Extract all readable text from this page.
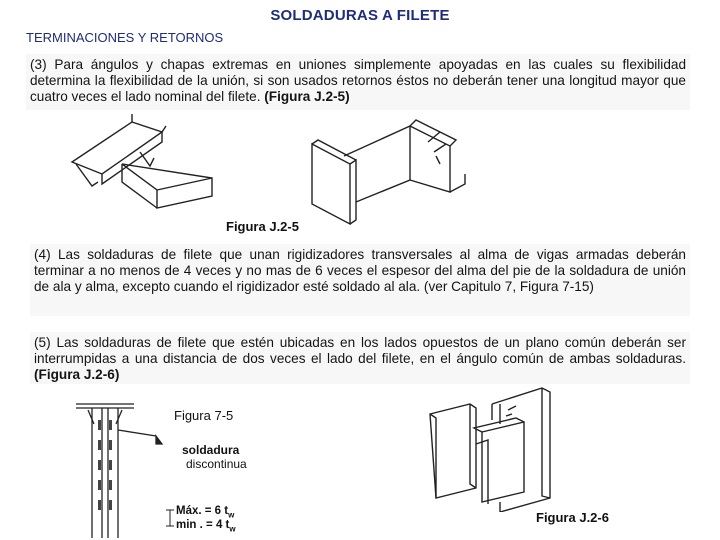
SOLDADURAS A FILETE
TERMINACIONES Y RETORNOS

(3) Para ángulos y chapas extremas en uniones simplemente apoyadas en las cuales su flexibilidad determina la flexibilidad de la unión, si son usados retornos éstos no deberán tener una longitud mayor que cuatro veces el lado nominal del filete. (Figura J.2-5)

Figura J.2-5

(4) Las soldaduras de filete que unan rigidizadores transversales al alma de vigas armadas deberán terminar a no menos de 4 veces y no mas de 6 veces el espesor del alma del pie de la soldadura de unión de ala y alma, excepto cuando el rigidizador esté soldado al ala. (ver Capitulo 7, Figura 7-15)

(5) Las soldaduras de filete que estén ubicadas en los lados opuestos de un plano común deberán ser interrumpidas a una distancia de dos veces el lado del filete, en el ángulo común de ambas soldaduras. (Figura J.2-6)

Figura 7-5
soldadura
discontinua
Máx. = 6 $t_w$
min . = 4 $t_w$
Figura J.2-6
